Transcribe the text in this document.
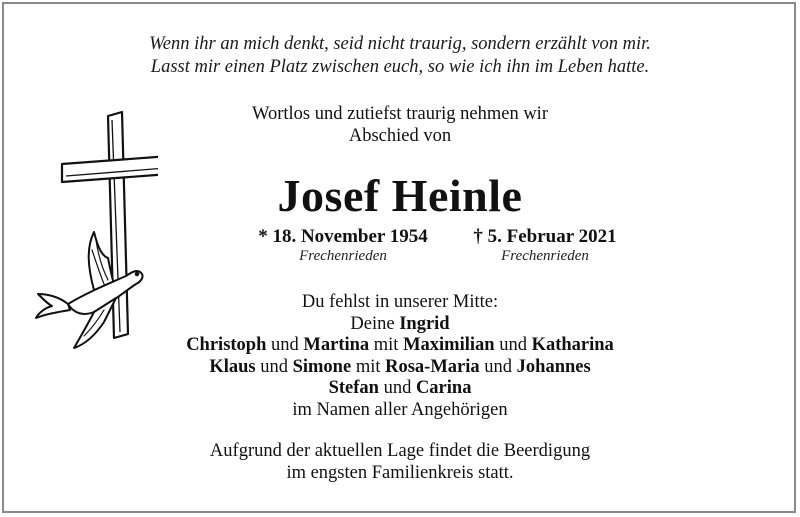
Wenn ihr an mich denkt, seid nicht traurig, sondern erzählt von mir.
Lasst mir einen Platz zwischen euch, so wie ich ihn im Leben hatte.
Wortlos und zutiefst traurig nehmen wir
Abschied von
Josef Heinle
* 18. November 1954	† 5. Februar 2021
Frechenrieden	Frechenrieden
Du fehlst in unserer Mitte:
Deine Ingrid
Christoph und Martina mit Maximilian und Katharina
Klaus und Simone mit Rosa-Maria und Johannes
Stefan und Carina
im Namen aller Angehörigen
Aufgrund der aktuellen Lage findet die Beerdigung
im engsten Familienkreis statt.
